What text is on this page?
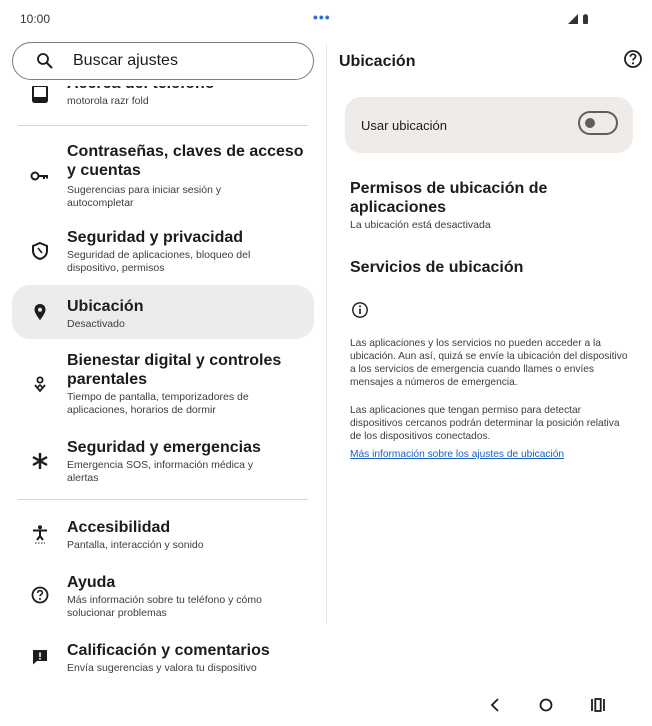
10:00	•••
motorola razr fold
Contraseñas, claves de acceso y cuentas
Sugerencias para iniciar sesión y autocompletar
Seguridad y privacidad
Seguridad de aplicaciones, bloqueo del dispositivo, permisos
Ubicación
Desactivado
Bienestar digital y controles parentales
Tiempo de pantalla, temporizadores de aplicaciones, horarios de dormir
Seguridad y emergencias
Emergencia SOS, información médica y alertas
Accesibilidad
Pantalla, interacción y sonido
Ayuda
Más información sobre tu teléfono y cómo solucionar problemas
Calificación y comentarios
Envía sugerencias y valora tu dispositivo
Buscar ajustes	Ubicación
Usar ubicación
Permisos de ubicación de aplicaciones
La ubicación está desactivada
Servicios de ubicación
Las aplicaciones y los servicios no pueden acceder a la ubicación. Aun así, quizá se envíe la ubicación del dispositivo a los servicios de emergencia cuando llames o envíes mensajes a números de emergencia.
Las aplicaciones que tengan permiso para detectar dispositivos cercanos podrán determinar la posición relativa de los dispositivos conectados.
Más información sobre los ajustes de ubicación
